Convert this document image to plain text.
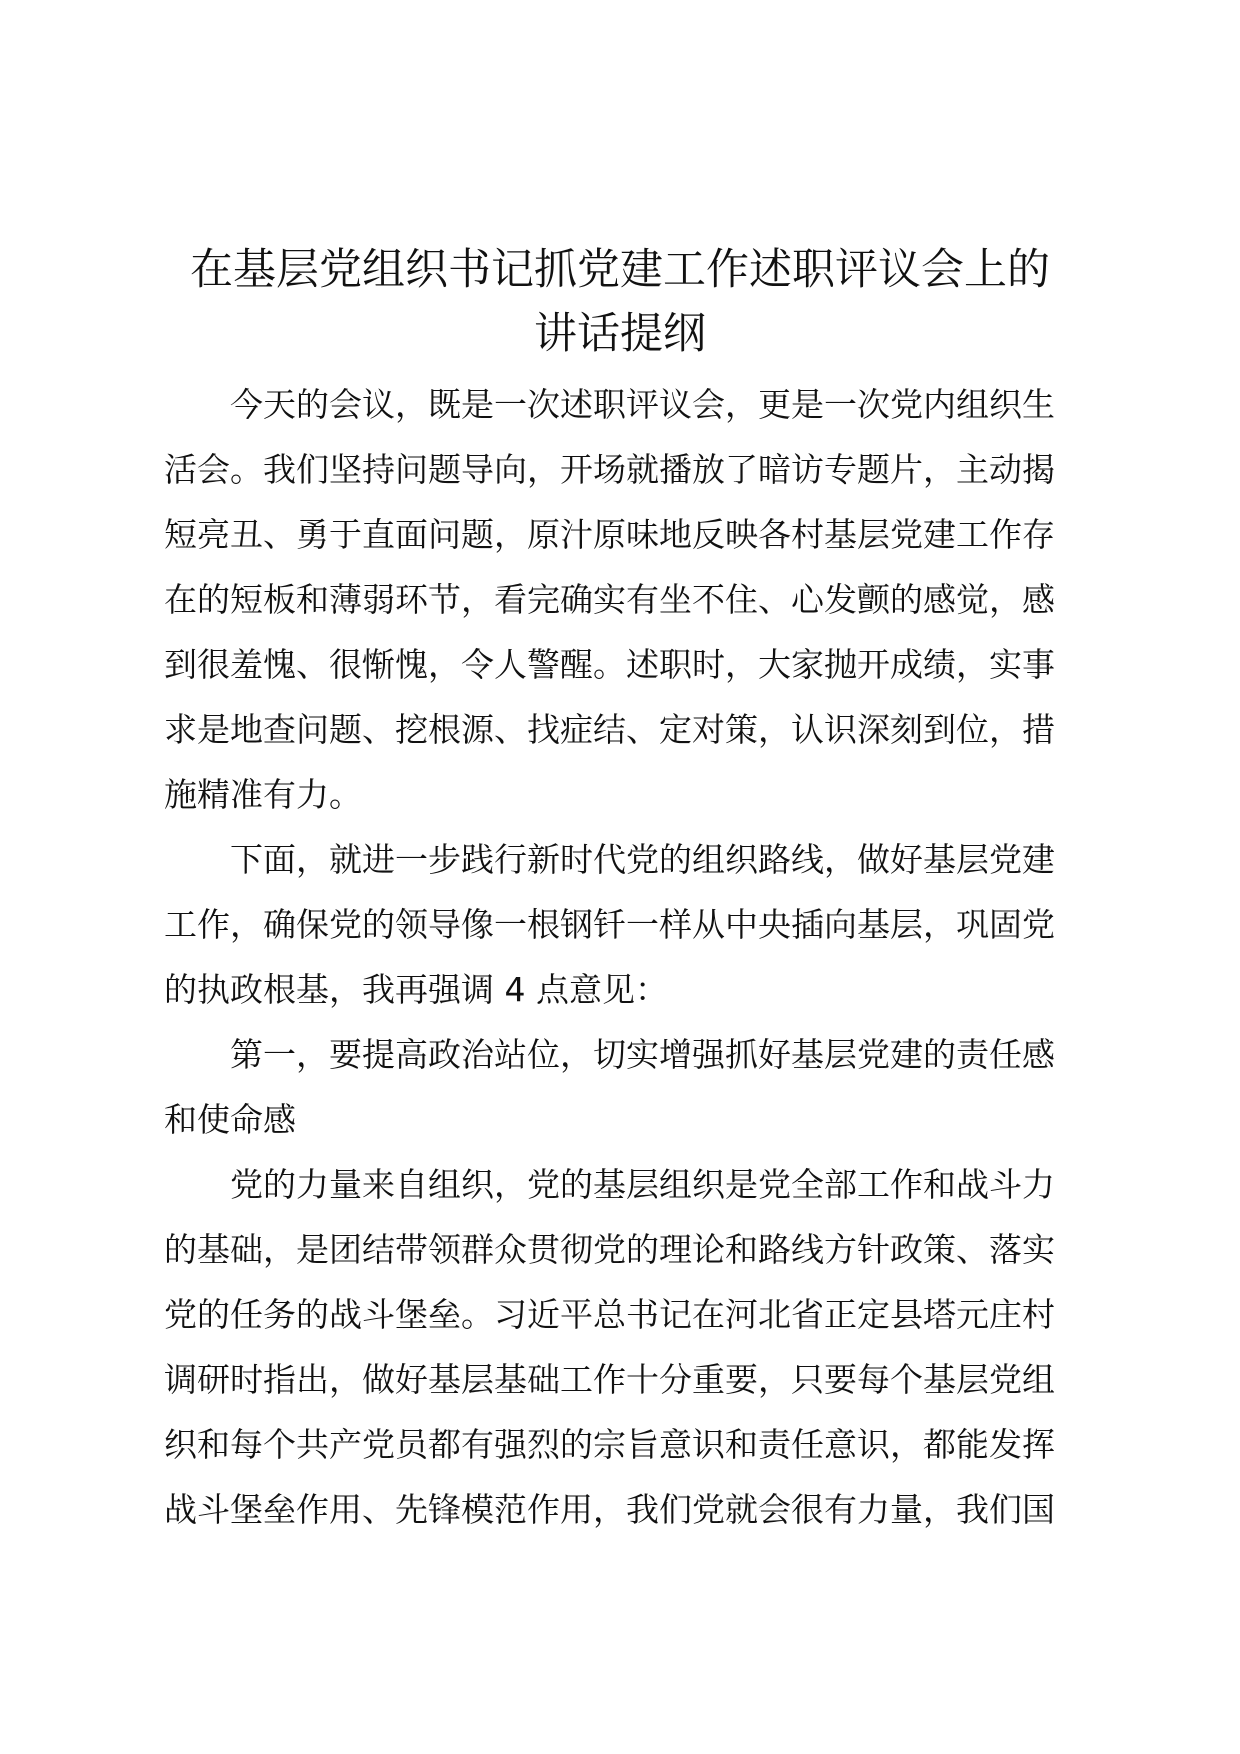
在基层党组织书记抓党建工作述职评议会上的
讲话提纲
今天的会议，既是一次述职评议会，更是一次党内组织生
活会。我们坚持问题导向，开场就播放了暗访专题片，主动揭
短亮丑、勇于直面问题，原汁原味地反映各村基层党建工作存
在的短板和薄弱环节，看完确实有坐不住、心发颤的感觉，感
到很羞愧、很惭愧，令人警醒。述职时，大家抛开成绩，实事
求是地查问题、挖根源、找症结、定对策，认识深刻到位，措
施精准有力。
下面，就进一步践行新时代党的组织路线，做好基层党建
工作，确保党的领导像一根钢钎一样从中央插向基层，巩固党
的执政根基，我再强调 4 点意见：
第一，要提高政治站位，切实增强抓好基层党建的责任感
和使命感
党的力量来自组织，党的基层组织是党全部工作和战斗力
的基础，是团结带领群众贯彻党的理论和路线方针政策、落实
党的任务的战斗堡垒。习近平总书记在河北省正定县塔元庄村
调研时指出，做好基层基础工作十分重要，只要每个基层党组
织和每个共产党员都有强烈的宗旨意识和责任意识，都能发挥
战斗堡垒作用、先锋模范作用，我们党就会很有力量，我们国
